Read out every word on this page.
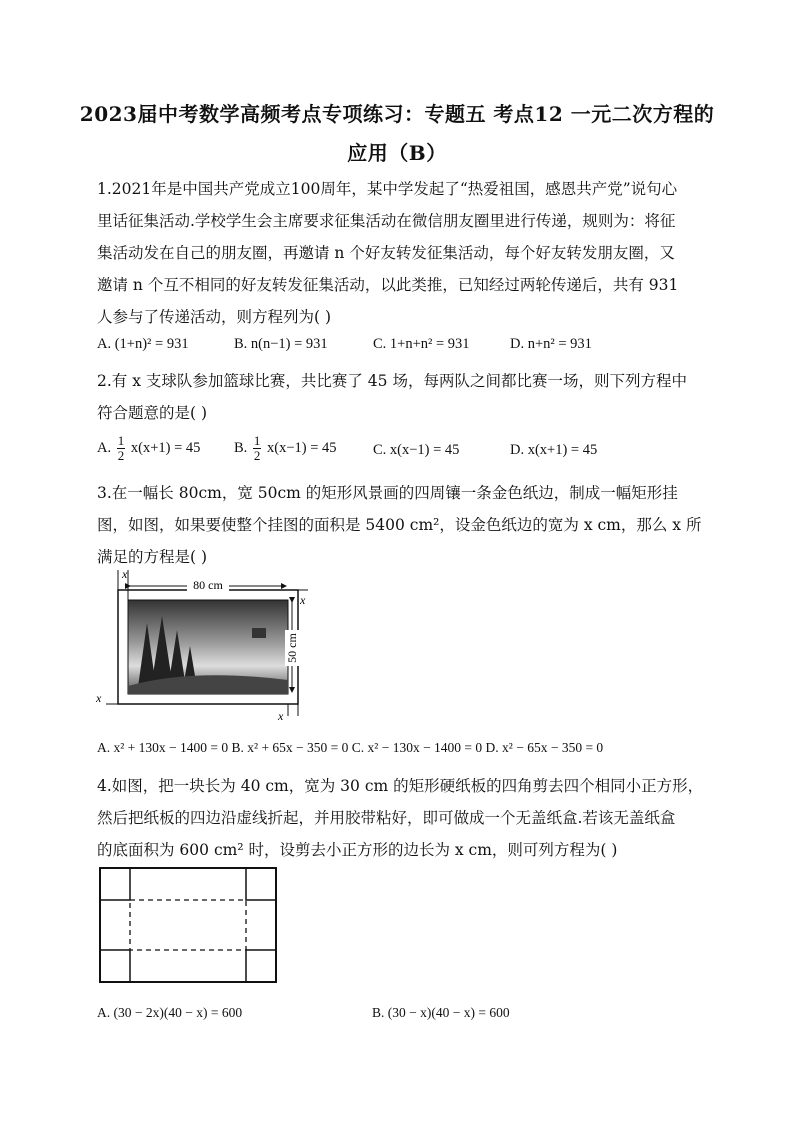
2023届中考数学高频考点专项练习：专题五 考点12 一元二次方程的
应用（B）
1.2021年是中国共产党成立100周年，某中学发起了“热爱祖国，感恩共产党”说句心
里话征集活动.学校学生会主席要求征集活动在微信朋友圈里进行传递，规则为：将征
集活动发在自己的朋友圈，再邀请 n 个好友转发征集活动，每个好友转发朋友圈，又
邀请 n 个互不相同的好友转发征集活动，以此类推，已知经过两轮传递后，共有 931
人参与了传递活动，则方程列为( )
A. (1+n)² = 931	B. n(n−1) = 931	C. 1+n+n² = 931	D. n+n² = 931
2.有 x 支球队参加篮球比赛，共比赛了 45 场，每两队之间都比赛一场，则下列方程中
符合题意的是( )
A. $\frac{1}{2} x(x+1) = 45$ B. $\frac{1}{2} x(x-1) = 45$	C. x(x−1) = 45	D. x(x+1) = 45
3.在一幅长 80cm，宽 50cm 的矩形风景画的四周镶一条金色纸边，制成一幅矩形挂
图，如图，如果要使整个挂图的面积是 5400 cm²，设金色纸边的宽为 x cm，那么 x 所
满足的方程是( )
80 cm
50 cm
x
x
x
x
A. x² + 130x − 1400 = 0 B. x² + 65x − 350 = 0 C. x² − 130x − 1400 = 0 D. x² − 65x − 350 = 0
4.如图，把一块长为 40 cm，宽为 30 cm 的矩形硬纸板的四角剪去四个相同小正方形，
然后把纸板的四边沿虚线折起，并用胶带粘好，即可做成一个无盖纸盒.若该无盖纸盒
的底面积为 600 cm² 时，设剪去小正方形的边长为 x cm，则可列方程为( )
A. (30 − 2x)(40 − x) = 600	B. (30 − x)(40 − x) = 600
